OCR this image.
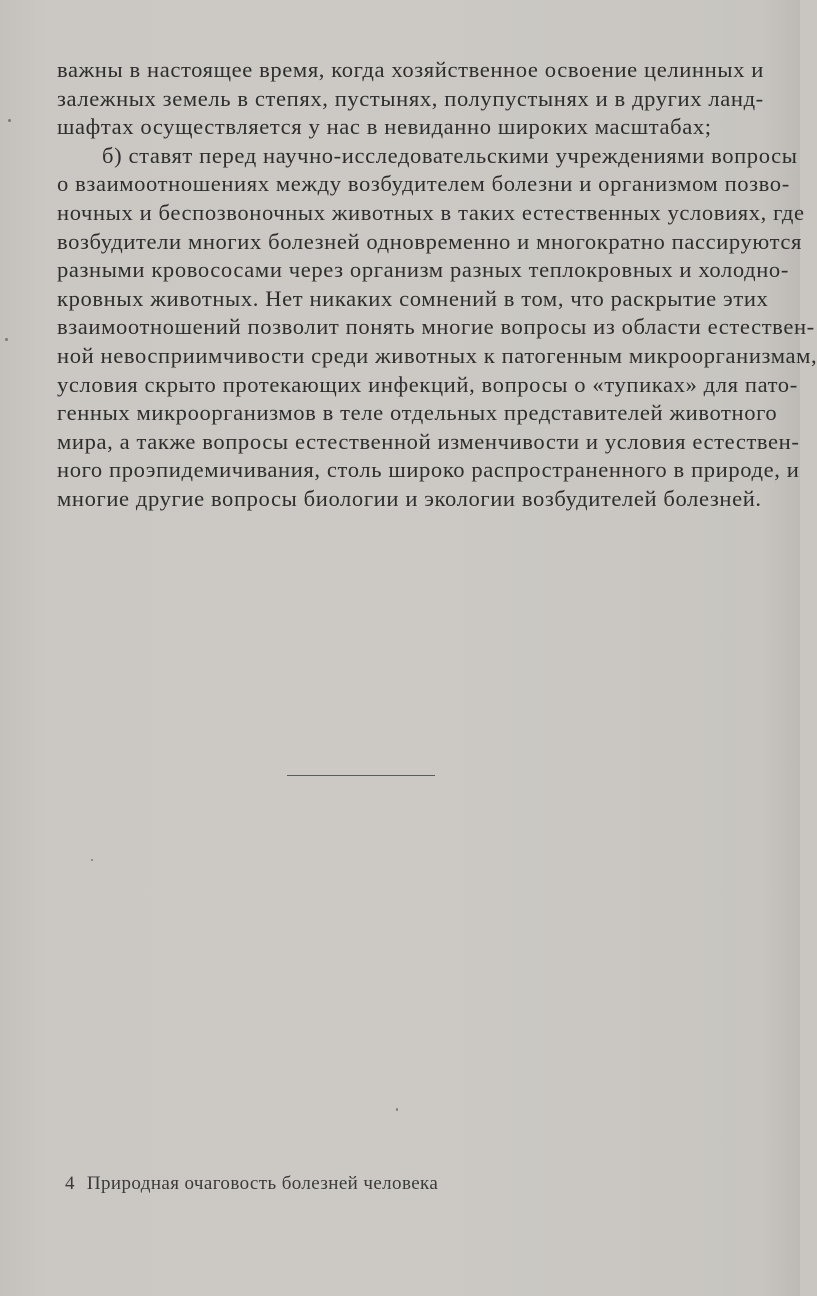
важны в настоящее время, когда хозяйственное освоение целинных и
залежных земель в степях, пустынях, полупустынях и в других ланд-
шафтах осуществляется у нас в невиданно широких масштабах;
б) ставят перед научно-исследовательскими учреждениями вопросы
о взаимоотношениях между возбудителем болезни и организмом позво-
ночных и беспозвоночных животных в таких естественных условиях, где
возбудители многих болезней одновременно и многократно пассируются
разными кровососами через организм разных теплокровных и холодно-
кровных животных. Нет никаких сомнений в том, что раскрытие этих
взаимоотношений позволит понять многие вопросы из области естествен-
ной невосприимчивости среди животных к патогенным микроорганизмам,
условия скрыто протекающих инфекций, вопросы о «тупиках» для пато-
генных микроорганизмов в теле отдельных представителей животного
мира, а также вопросы естественной изменчивости и условия естествен-
ного проэпидемичивания, столь широко распространенного в природе, и
многие другие вопросы биологии и экологии возбудителей болезней.
4 Природная очаговость болезней человека
